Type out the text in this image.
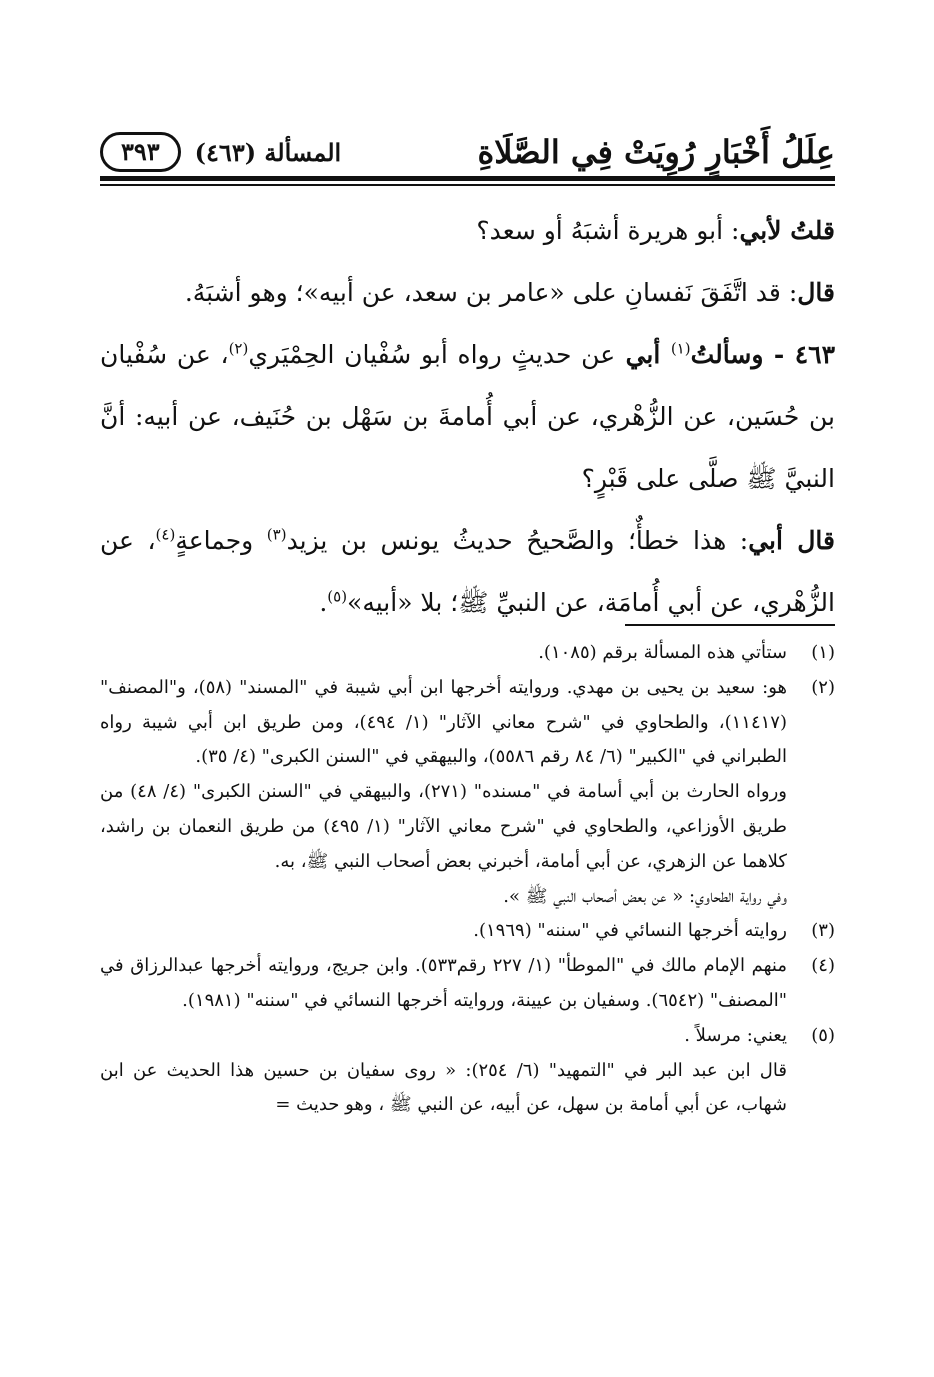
عِلَلُ أَخْبَارٍ رُوِيَتْ فِي الصَّلَاةِ
المسألة (٤٦٣)
٣٩٣

قلتُ لأبي: أبو هريرة أشبَهُ أو سعد؟

قال: قد اتَّفَقَ نَفسانِ على «عامر بن سعد، عن أبيه»؛ وهو أشبَهُ.

٤٦٣ - وسألتُ$^{(١)}$ أبي عن حديثٍ رواه أبو سُفْيان الحِمْيَري$^{(٢)}$، عن سُفْيان بن حُسَين، عن الزُّهْري، عن أبي أُمامةَ بن سَهْل بن حُنَيف، عن أبيه: أنَّ النبيَّ ﷺ صلَّى على قَبْرٍ؟

قال أبي: هذا خطأٌ؛ والصَّحيحُ حديثُ يونس بن يزيد$^{(٣)}$ وجماعةٍ$^{(٤)}$، عن الزُّهْري، عن أبي أُمامَة، عن النبيِّ ﷺ؛ بلا «أبيه»$^{(٥)}$.

(١)
ستأتي هذه المسألة برقم (١٠٨٥).
(٢)
هو: سعيد بن يحيى بن مهدي. وروايته أخرجها ابن أبي شيبة في "المسند" (٥٨)، و"المصنف" (١١٤١٧)، والطحاوي في "شرح معاني الآثار" (١/ ٤٩٤)، ومن طريق ابن أبي شيبة رواه الطبراني في "الكبير" (٦/ ٨٤ رقم ٥٥٨٦)، والبيهقي في "السنن الكبرى" (٤/ ٣٥).

ورواه الحارث بن أبي أسامة في "مسنده" (٢٧١)، والبيهقي في "السنن الكبرى" (٤/ ٤٨) من طريق الأوزاعي، والطحاوي في "شرح معاني الآثار" (١/ ٤٩٥) من طريق النعمان بن راشد، كلاهما عن الزهري، عن أبي أمامة، أخبرني بعض أصحاب النبي ﷺ، به.

وفي رواية الطحاوي: « عن بعض أصحاب النبي ﷺ ».

(٣)
روايته أخرجها النسائي في "سننه" (١٩٦٩).
(٤)
منهم الإمام مالك في "الموطأ" (١/ ٢٢٧ رقم٥٣٣). وابن جريج، وروايته أخرجها عبدالرزاق في "المصنف" (٦٥٤٢). وسفيان بن عيينة، وروايته أخرجها النسائي في "سننه" (١٩٨١).
(٥)
يعني: مرسلاً .

قال ابن عبد البر في "التمهيد" (٦/ ٢٥٤): « روى سفيان بن حسين هذا الحديث عن ابن شهاب، عن أبي أمامة بن سهل، عن أبيه، عن النبي ﷺ ، وهو حديث =
